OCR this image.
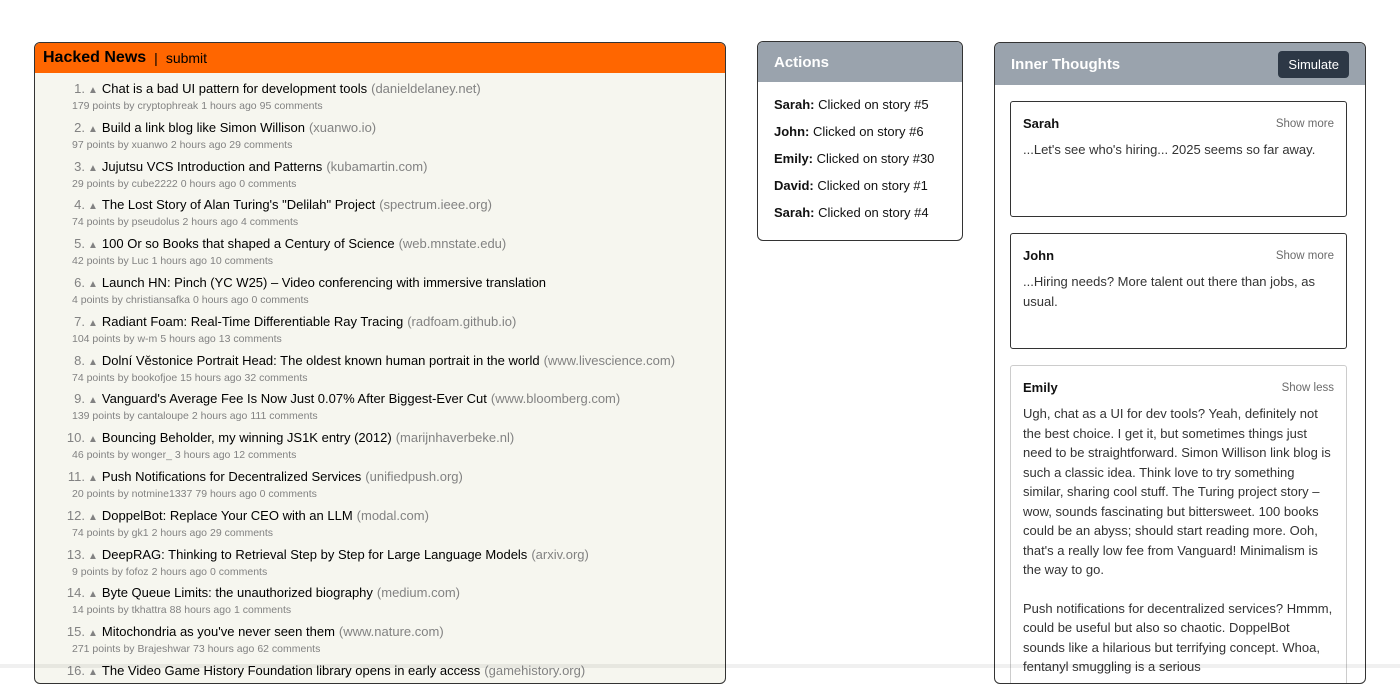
Hacked News | submit
1. ▲ Chat is a bad UI pattern for development tools (danieldelaney.net)
179 points by cryptophreak 1 hours ago 95 comments
2. ▲ Build a link blog like Simon Willison (xuanwo.io)
97 points by xuanwo 2 hours ago 29 comments
3. ▲ Jujutsu VCS Introduction and Patterns (kubamartin.com)
29 points by cube2222 0 hours ago 0 comments
4. ▲ The Lost Story of Alan Turing's "Delilah" Project (spectrum.ieee.org)
74 points by pseudolus 2 hours ago 4 comments
5. ▲ 100 Or so Books that shaped a Century of Science (web.mnstate.edu)
42 points by Luc 1 hours ago 10 comments
6. ▲ Launch HN: Pinch (YC W25) – Video conferencing with immersive translation
4 points by christiansafka 0 hours ago 0 comments
7. ▲ Radiant Foam: Real-Time Differentiable Ray Tracing (radfoam.github.io)
104 points by w-m 5 hours ago 13 comments
8. ▲ Dolní Věstonice Portrait Head: The oldest known human portrait in the world (www.livescience.com)
74 points by bookofjoe 15 hours ago 32 comments
9. ▲ Vanguard's Average Fee Is Now Just 0.07% After Biggest-Ever Cut (www.bloomberg.com)
139 points by cantaloupe 2 hours ago 111 comments
10. ▲ Bouncing Beholder, my winning JS1K entry (2012) (marijnhaverbeke.nl)
46 points by wonger_ 3 hours ago 12 comments
11. ▲ Push Notifications for Decentralized Services (unifiedpush.org)
20 points by notmine1337 79 hours ago 0 comments
12. ▲ DoppelBot: Replace Your CEO with an LLM (modal.com)
74 points by gk1 2 hours ago 29 comments
13. ▲ DeepRAG: Thinking to Retrieval Step by Step for Large Language Models (arxiv.org)
9 points by fofoz 2 hours ago 0 comments
14. ▲ Byte Queue Limits: the unauthorized biography (medium.com)
14 points by tkhattra 88 hours ago 1 comments
15. ▲ Mitochondria as you've never seen them (www.nature.com)
271 points by Brajeshwar 73 hours ago 62 comments
16. ▲ The Video Game History Foundation library opens in early access (gamehistory.org)
Actions
Sarah: Clicked on story #5
John: Clicked on story #6
Emily: Clicked on story #30
David: Clicked on story #1
Sarah: Clicked on story #4
Inner Thoughts	Simulate
Sarah	Show more

...Let's see who's hiring... 2025 seems so far away.

John	Show more

...Hiring needs? More talent out there than jobs, as usual.

Emily	Show less

Ugh, chat as a UI for dev tools? Yeah, definitely not the best choice. I get it, but sometimes things just need to be straightforward. Simon Willison link blog is such a classic idea. Think love to try something similar, sharing cool stuff. The Turing project story – wow, sounds fascinating but bittersweet. 100 books could be an abyss; should start reading more. Ooh, that's a really low fee from Vanguard! Minimalism is the way to go.

Push notifications for decentralized services? Hmmm, could be useful but also so chaotic. DoppelBot sounds like a hilarious but terrifying concept. Whoa, fentanyl smuggling is a serious
